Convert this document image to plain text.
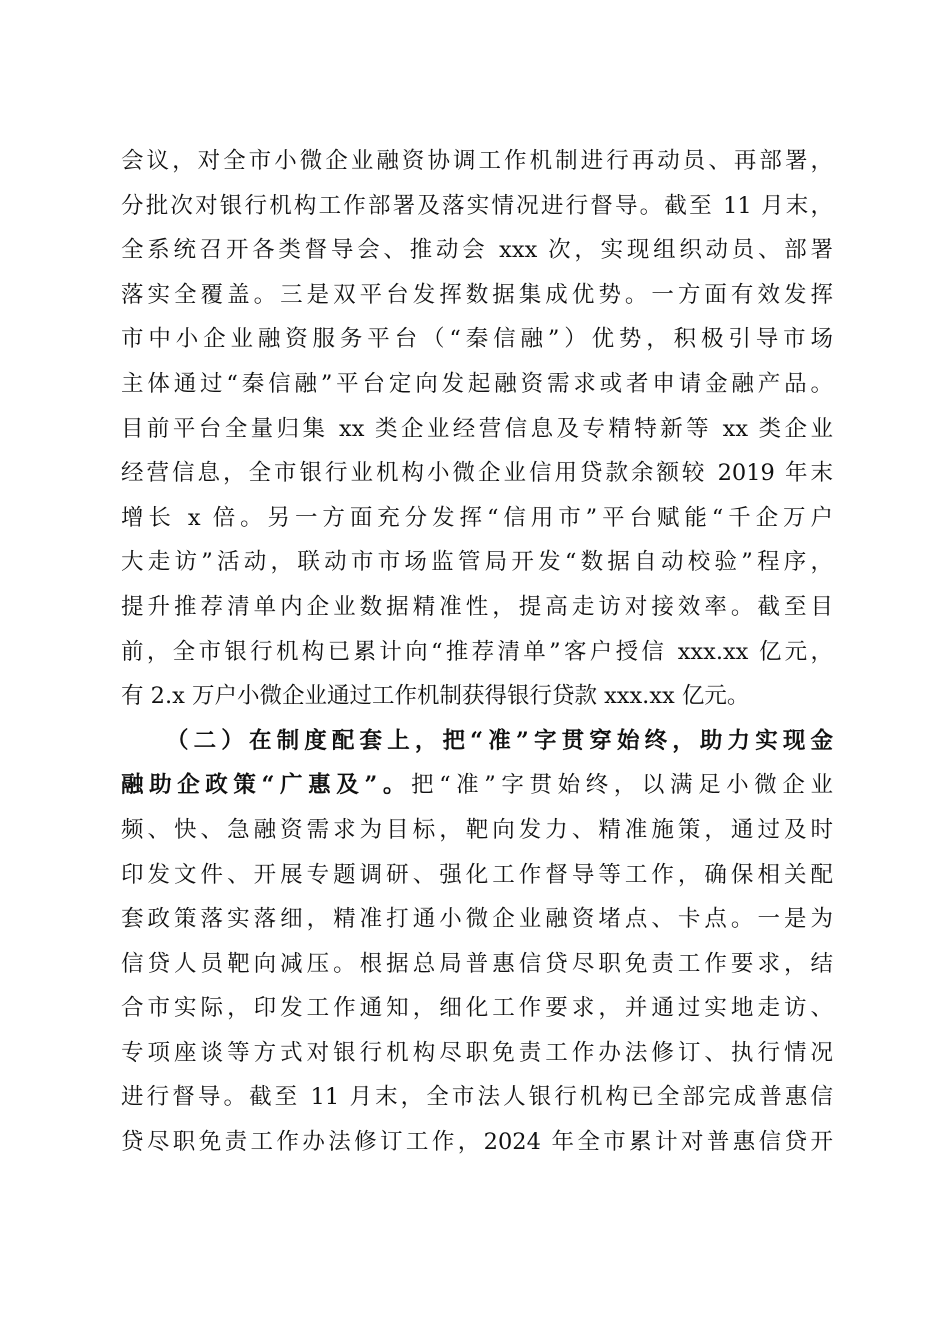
会议，对全市小微企业融资协调工作机制进行再动员、再部署，
分批次对银行机构工作部署及落实情况进行督导。截至 11 月末，
全系统召开各类督导会、推动会 xxx 次，实现组织动员、部署
落实全覆盖。三是双平台发挥数据集成优势。一方面有效发挥
市中小企业融资服务平台（“秦信融”）优势，积极引导市场
主体通过“秦信融”平台定向发起融资需求或者申请金融产品。
目前平台全量归集 xx 类企业经营信息及专精特新等 xx 类企业
经营信息，全市银行业机构小微企业信用贷款余额较 2019 年末
增长 x 倍。另一方面充分发挥“信用市”平台赋能“千企万户
大走访”活动，联动市市场监管局开发“数据自动校验”程序，
提升推荐清单内企业数据精准性，提高走访对接效率。截至目
前，全市银行机构已累计向“推荐清单”客户授信 xxx.xx 亿元，
有 2.x 万户小微企业通过工作机制获得银行贷款 xxx.xx 亿元。
（二）在制度配套上，把“准”字贯穿始终，助力实现金
融助企政策“广惠及”。把“准”字贯始终，以满足小微企业
频、快、急融资需求为目标，靶向发力、精准施策，通过及时
印发文件、开展专题调研、强化工作督导等工作，确保相关配
套政策落实落细，精准打通小微企业融资堵点、卡点。一是为
信贷人员靶向减压。根据总局普惠信贷尽职免责工作要求，结
合市实际，印发工作通知，细化工作要求，并通过实地走访、
专项座谈等方式对银行机构尽职免责工作办法修订、执行情况
进行督导。截至 11 月末，全市法人银行机构已全部完成普惠信
贷尽职免责工作办法修订工作，2024 年全市累计对普惠信贷开
